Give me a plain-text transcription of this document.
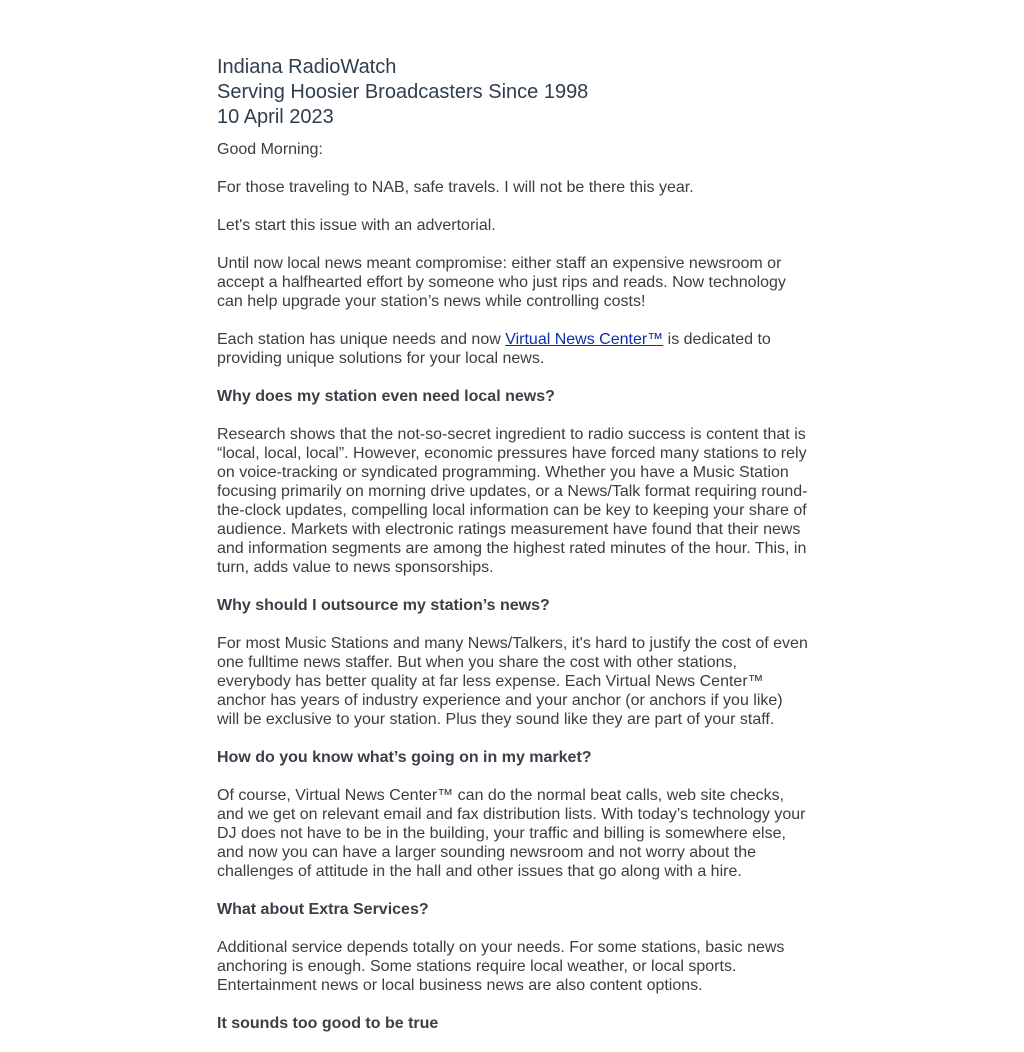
Indiana RadioWatch
Serving Hoosier Broadcasters Since 1998
10 April 2023

Good Morning:

For those traveling to NAB, safe travels. I will not be there this year.

Let's start this issue with an advertorial.

Until now local news meant compromise: either staff an expensive newsroom or accept a halfhearted effort by someone who just rips and reads. Now technology can help upgrade your station’s news while controlling costs!

Each station has unique needs and now Virtual News Center™ is dedicated to providing unique solutions for your local news.

Why does my station even need local news?

Research shows that the not-so-secret ingredient to radio success is content that is “local, local, local”. However, economic pressures have forced many stations to rely on voice-tracking or syndicated programming. Whether you have a Music Station focusing primarily on morning drive updates, or a News/Talk format requiring round-the-clock updates, compelling local information can be key to keeping your share of audience. Markets with electronic ratings measurement have found that their news and information segments are among the highest rated minutes of the hour. This, in turn, adds value to news sponsorships.

Why should I outsource my station’s news?

For most Music Stations and many News/Talkers, it's hard to justify the cost of even one fulltime news staffer. But when you share the cost with other stations, everybody has better quality at far less expense. Each Virtual News Center™ anchor has years of industry experience and your anchor (or anchors if you like) will be exclusive to your station. Plus they sound like they are part of your staff.

How do you know what’s going on in my market?

Of course, Virtual News Center™ can do the normal beat calls, web site checks, and we get on relevant email and fax distribution lists. With today’s technology your DJ does not have to be in the building, your traffic and billing is somewhere else, and now you can have a larger sounding newsroom and not worry about the challenges of attitude in the hall and other issues that go along with a hire.

What about Extra Services?

Additional service depends totally on your needs. For some stations, basic news anchoring is enough. Some stations require local weather, or local sports. Entertainment news or local business news are also content options.

It sounds too good to be true
